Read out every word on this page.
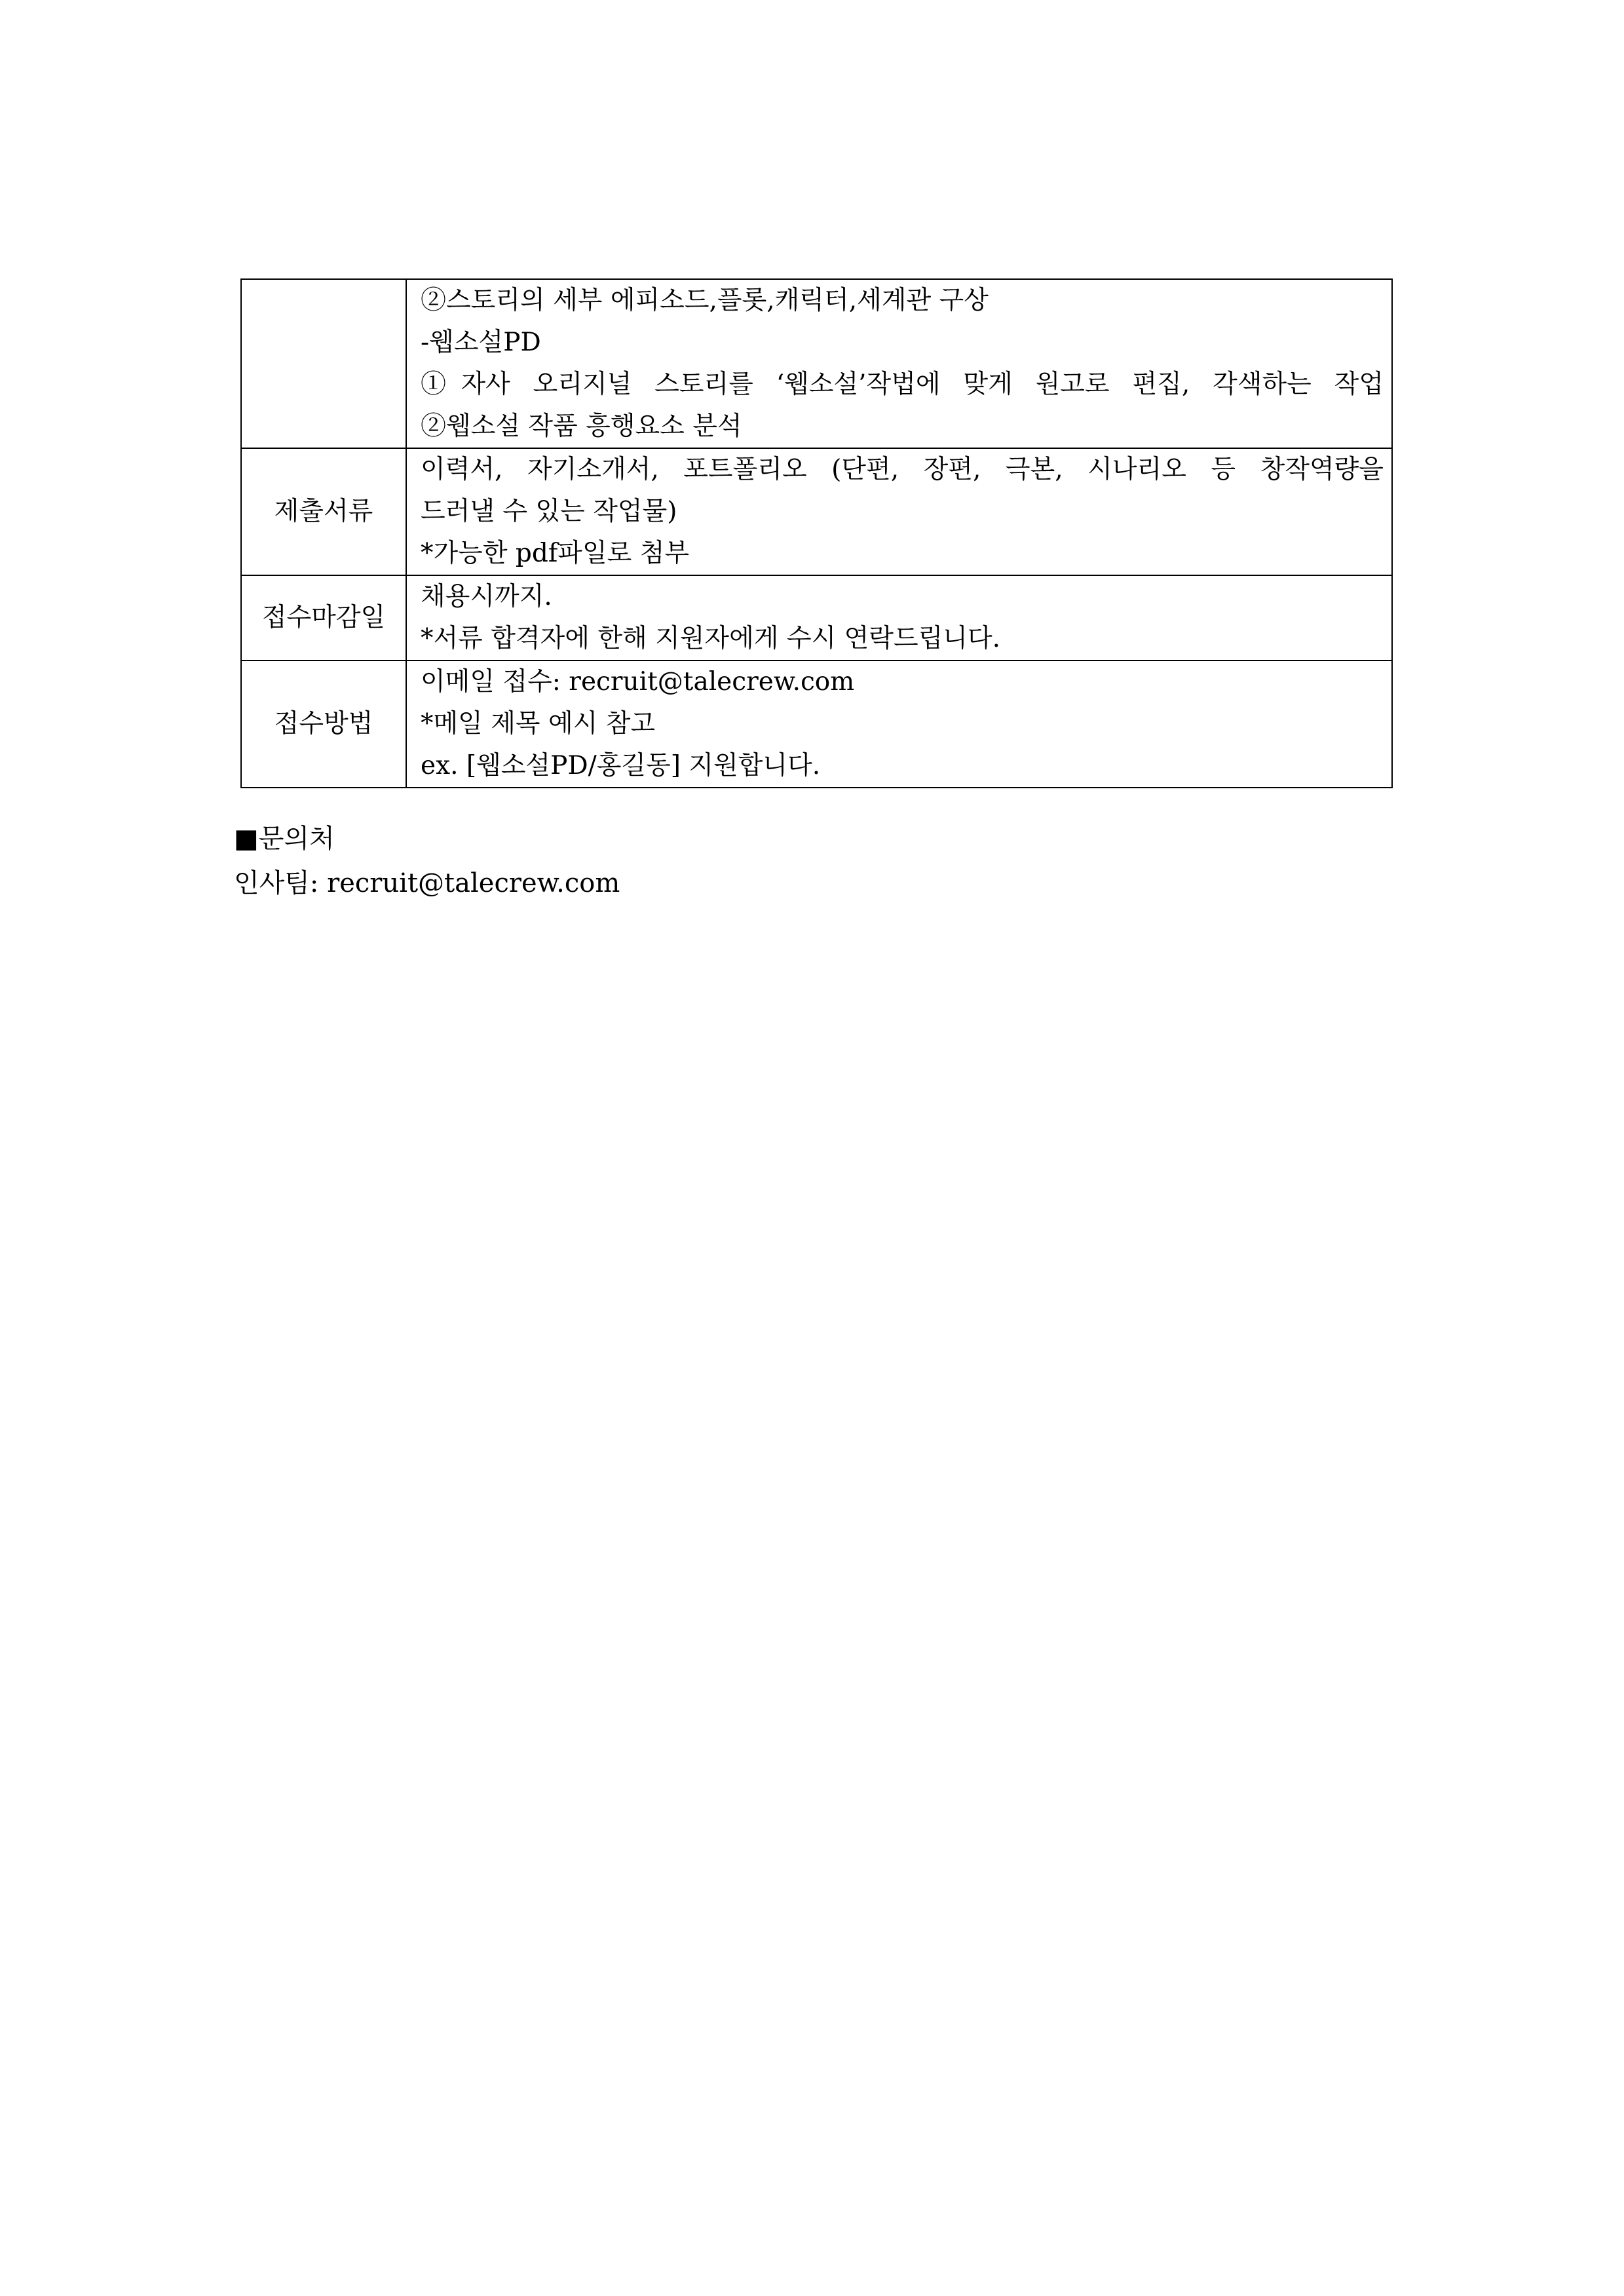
	②스토리의 세부 에피소드,플롯,캐릭터,세계관 구상
-웹소설PD
①자사 오리지널 스토리를 ‘웹소설’작법에 맞게 원고로 편집, 각색하는 작업
②웹소설 작품 흥행요소 분석

제출서류	이력서, 자기소개서, 포트폴리오 (단편, 장편, 극본, 시나리오 등 창작역량을
드러낼 수 있는 작업물)
*가능한 pdf파일로 첨부

접수마감일	채용시까지.
*서류 합격자에 한해 지원자에게 수시 연락드립니다.

접수방법	이메일 접수: recruit@talecrew.com
*메일 제목 예시 참고
ex. [웹소설PD/홍길동] 지원합니다.
■문의처
인사팀: recruit@talecrew.com
